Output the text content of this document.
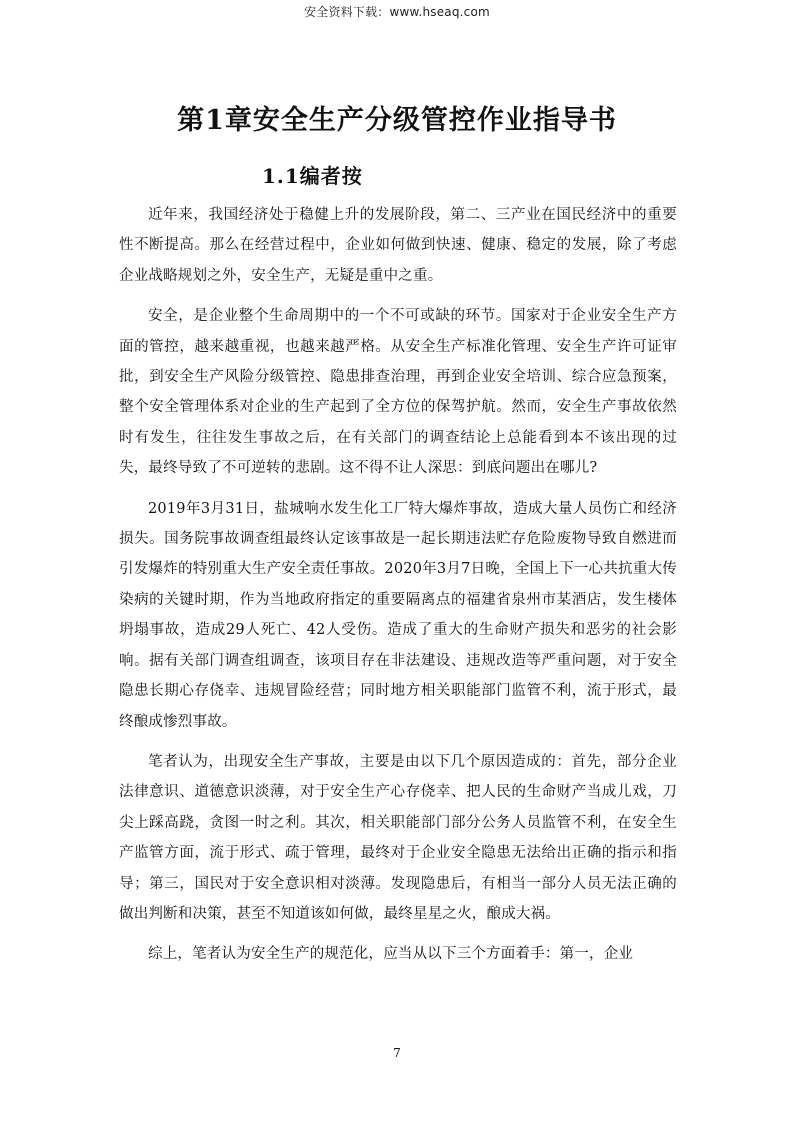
安全资料下载：www.hseaq.com
第1章安全生产分级管控作业指导书
1.1编者按

近年来，我国经济处于稳健上升的发展阶段，第二、三产业在国民经济中的重要性不断提高。那么在经营过程中，企业如何做到快速、健康、稳定的发展，除了考虑企业战略规划之外，安全生产，无疑是重中之重。

安全，是企业整个生命周期中的一个不可或缺的环节。国家对于企业安全生产方面的管控，越来越重视，也越来越严格。从安全生产标准化管理、安全生产许可证审批，到安全生产风险分级管控、隐患排查治理，再到企业安全培训、综合应急预案，整个安全管理体系对企业的生产起到了全方位的保驾护航。然而，安全生产事故依然时有发生，往往发生事故之后，在有关部门的调查结论上总能看到本不该出现的过失，最终导致了不可逆转的悲剧。这不得不让人深思：到底问题出在哪儿?

2019年3月31日，盐城响水发生化工厂特大爆炸事故，造成大量人员伤亡和经济损失。国务院事故调查组最终认定该事故是一起长期违法贮存危险废物导致自燃进而引发爆炸的特别重大生产安全责任事故。2020年3月7日晚，全国上下一心共抗重大传染病的关键时期，作为当地政府指定的重要隔离点的福建省泉州市某酒店，发生楼体坍塌事故，造成29人死亡、42人受伤。造成了重大的生命财产损失和恶劣的社会影响。据有关部门调查组调查，该项目存在非法建设、违规改造等严重问题，对于安全隐患长期心存侥幸、违规冒险经营；同时地方相关职能部门监管不利，流于形式，最终酿成惨烈事故。

笔者认为，出现安全生产事故，主要是由以下几个原因造成的：首先，部分企业法律意识、道德意识淡薄，对于安全生产心存侥幸、把人民的生命财产当成儿戏，刀尖上踩高跷，贪图一时之利。其次，相关职能部门部分公务人员监管不利，在安全生产监管方面，流于形式、疏于管理，最终对于企业安全隐患无法给出正确的指示和指导；第三，国民对于安全意识相对淡薄。发现隐患后，有相当一部分人员无法正确的做出判断和决策，甚至不知道该如何做，最终星星之火，酿成大祸。

综上，笔者认为安全生产的规范化，应当从以下三个方面着手：第一，企业

7
